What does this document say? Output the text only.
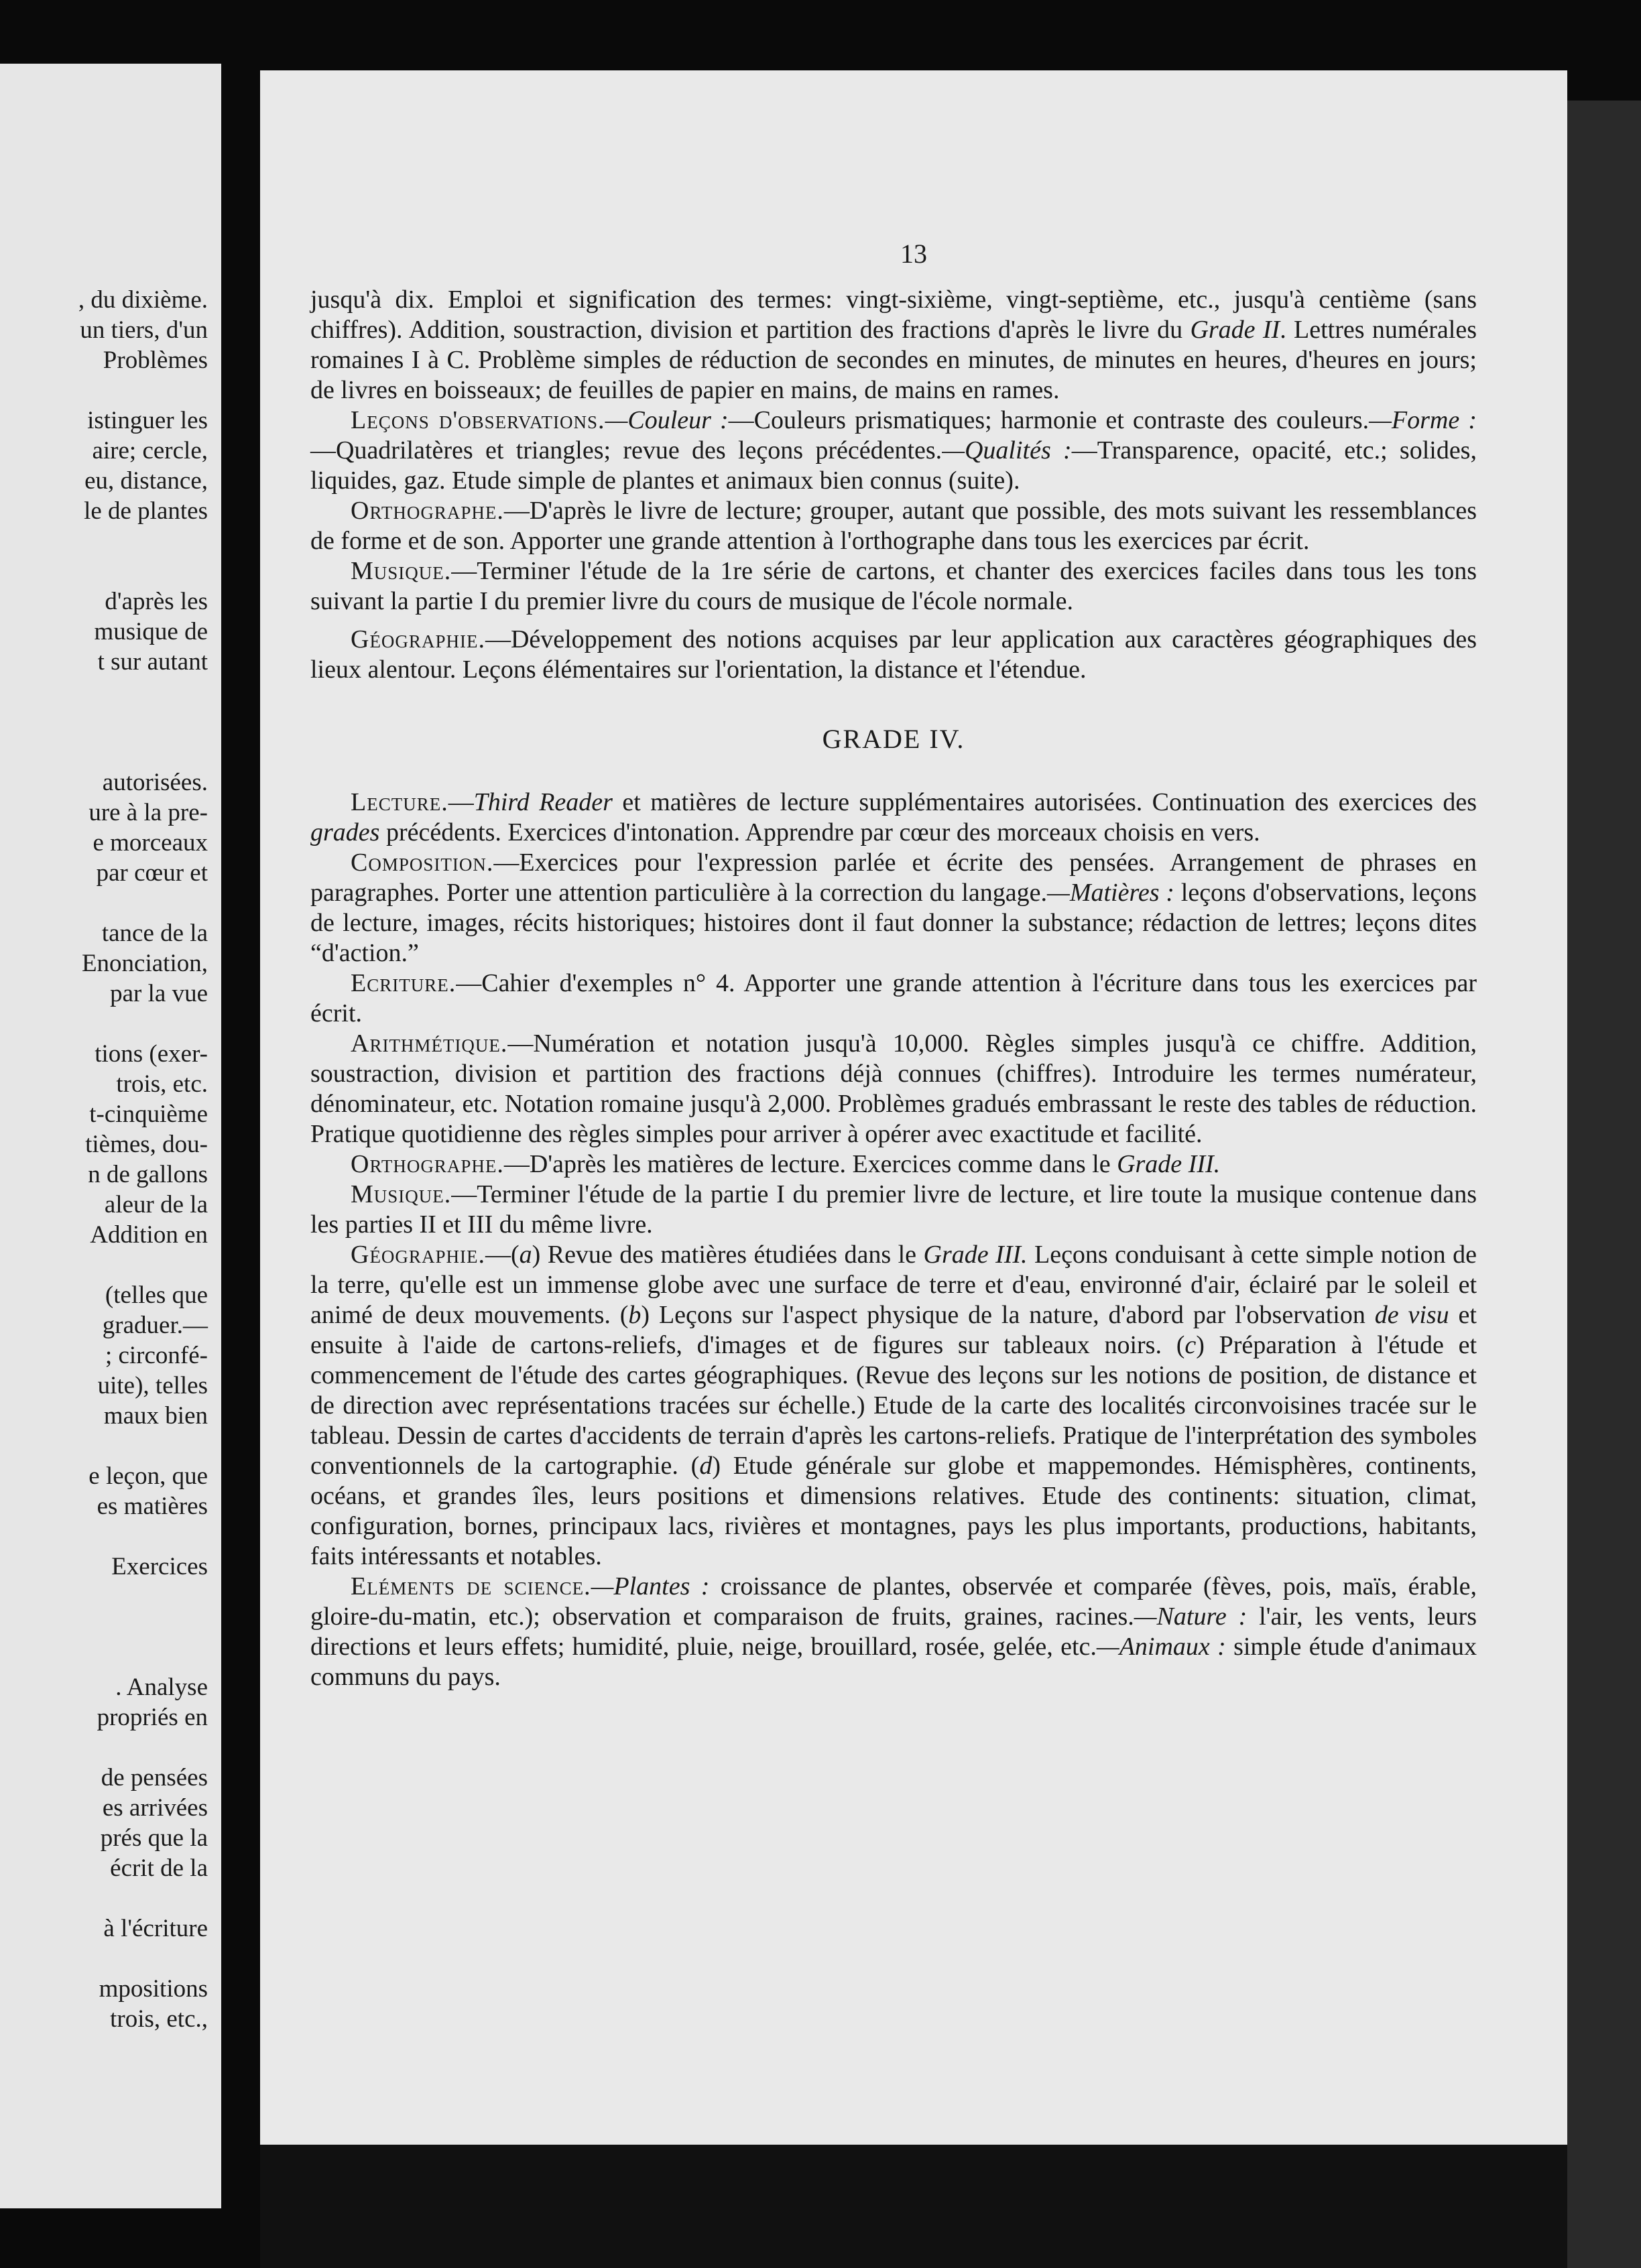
, du dixième.
un tiers, d'un
Problèmes
istinguer les
aire; cercle,
eu, distance,
le de plantes
d'après les
musique de
t sur autant
autorisées.
ure à la pre-
e morceaux
par cœur et
tance de la
Enonciation,
par la vue
tions (exer-
trois, etc.
t-cinquième
tièmes, dou-
n de gallons
aleur de la
Addition en
(telles que
graduer.—
; circonfé-
uite), telles
maux bien
e leçon, que
es matières
Exercices
. Analyse
propriés en
de pensées
es arrivées
prés que la
écrit de la
à l'écriture
mpositions
trois, etc.,
13

jusqu'à dix. Emploi et signification des termes: vingt-sixième, vingt-septième, etc., jusqu'à centième (sans chiffres). Addition, soustraction, division et partition des fractions d'après le livre du Grade II. Lettres numérales romaines I à C. Problème simples de réduction de secondes en minutes, de minutes en heures, d'heures en jours; de livres en boisseaux; de feuilles de papier en mains, de mains en rames.

Leçons d'observations.—Couleur :—Couleurs prismatiques; harmonie et contraste des couleurs.—Forme :—Quadrilatères et triangles; revue des leçons précédentes.—Qualités :—Transparence, opacité, etc.; solides, liquides, gaz. Etude simple de plantes et animaux bien connus (suite).

Orthographe.—D'après le livre de lecture; grouper, autant que possible, des mots suivant les ressemblances de forme et de son. Apporter une grande attention à l'orthographe dans tous les exercices par écrit.

Musique.—Terminer l'étude de la 1re série de cartons, et chanter des exercices faciles dans tous les tons suivant la partie I du premier livre du cours de musique de l'école normale.

Géographie.—Développement des notions acquises par leur application aux caractères géographiques des lieux alentour. Leçons élémentaires sur l'orientation, la distance et l'étendue.

GRADE IV.

Lecture.—Third Reader et matières de lecture supplémentaires autorisées. Continuation des exercices des grades précédents. Exercices d'intonation. Apprendre par cœur des morceaux choisis en vers.

Composition.—Exercices pour l'expression parlée et écrite des pensées. Arrangement de phrases en paragraphes. Porter une attention particulière à la correction du langage.—Matières : leçons d'observations, leçons de lecture, images, récits historiques; histoires dont il faut donner la substance; rédaction de lettres; leçons dites “d'action.”

Ecriture.—Cahier d'exemples n° 4. Apporter une grande attention à l'écriture dans tous les exercices par écrit.

Arithmétique.—Numération et notation jusqu'à 10,000. Règles simples jusqu'à ce chiffre. Addition, soustraction, division et partition des fractions déjà connues (chiffres). Introduire les termes numérateur, dénominateur, etc. Notation romaine jusqu'à 2,000. Problèmes gradués embrassant le reste des tables de réduction. Pratique quotidienne des règles simples pour arriver à opérer avec exactitude et facilité.

Orthographe.—D'après les matières de lecture. Exercices comme dans le Grade III.

Musique.—Terminer l'étude de la partie I du premier livre de lecture, et lire toute la musique contenue dans les parties II et III du même livre.

Géographie.—(a) Revue des matières étudiées dans le Grade III. Leçons conduisant à cette simple notion de la terre, qu'elle est un immense globe avec une surface de terre et d'eau, environné d'air, éclairé par le soleil et animé de deux mouvements. (b) Leçons sur l'aspect physique de la nature, d'abord par l'observation de visu et ensuite à l'aide de cartons-reliefs, d'images et de figures sur tableaux noirs. (c) Préparation à l'étude et commencement de l'étude des cartes géographiques. (Revue des leçons sur les notions de position, de distance et de direction avec représentations tracées sur échelle.) Etude de la carte des localités circonvoisines tracée sur le tableau. Dessin de cartes d'accidents de terrain d'après les cartons-reliefs. Pratique de l'interprétation des symboles conventionnels de la cartographie. (d) Etude générale sur globe et mappemondes. Hémisphères, continents, océans, et grandes îles, leurs positions et dimensions relatives. Etude des continents: situation, climat, configuration, bornes, principaux lacs, rivières et montagnes, pays les plus importants, productions, habitants, faits intéressants et notables.

Eléments de science.—Plantes : croissance de plantes, observée et comparée (fèves, pois, maïs, érable, gloire-du-matin, etc.); observation et comparaison de fruits, graines, racines.—Nature : l'air, les vents, leurs directions et leurs effets; humidité, pluie, neige, brouillard, rosée, gelée, etc.—Animaux : simple étude d'animaux communs du pays.
